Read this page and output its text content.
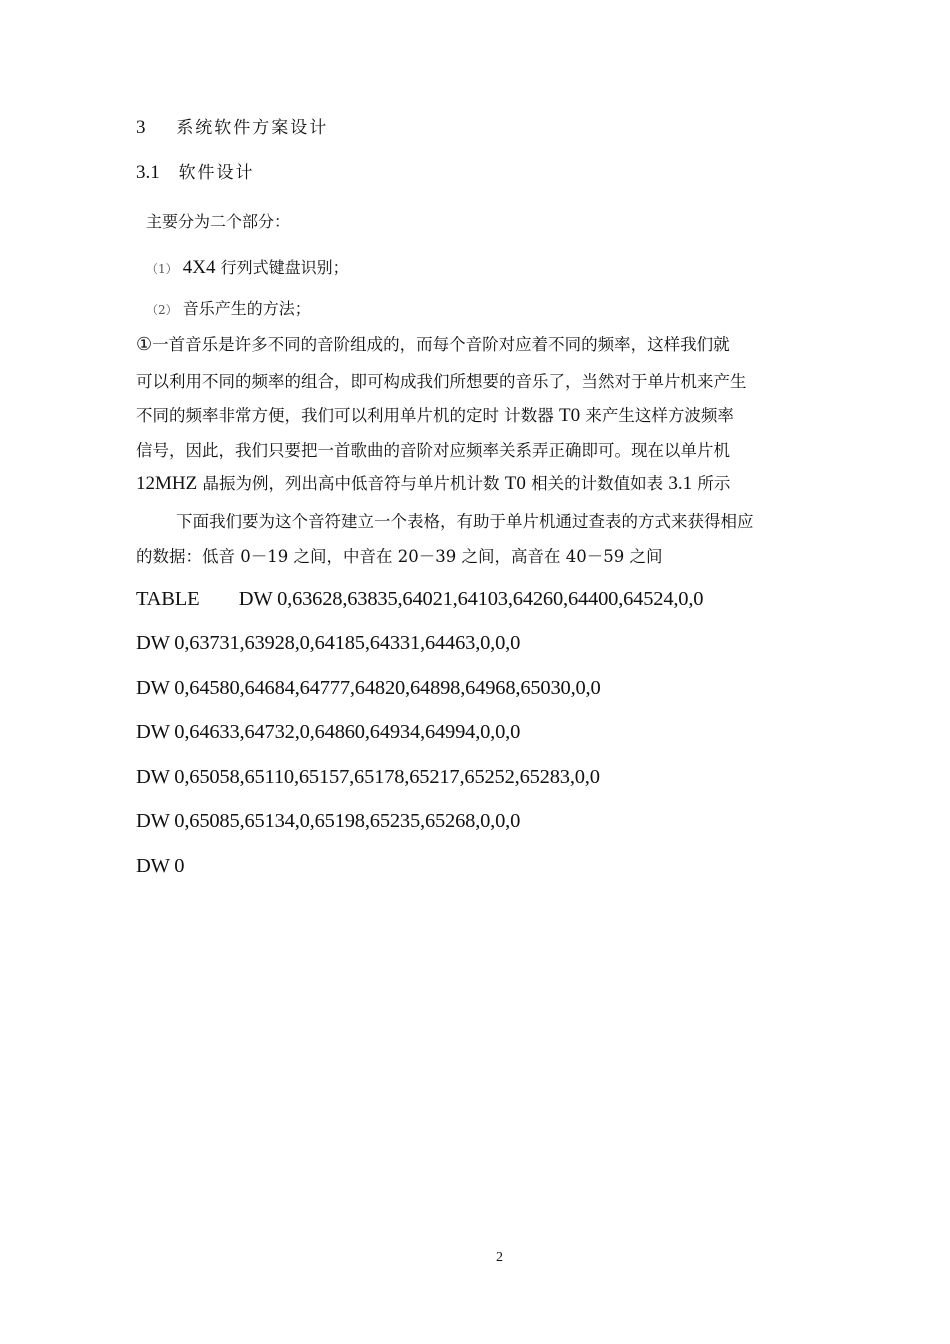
3 系统软件方案设计
3.1 软件设计
主要分为二个部分：
（1） 4X4 行列式键盘识别；
（2） 音乐产生的方法；
①一首音乐是许多不同的音阶组成的，而每个音阶对应着不同的频率，这样我们就
可以利用不同的频率的组合，即可构成我们所想要的音乐了，当然对于单片机来产生
不同的频率非常方便，我们可以利用单片机的定时 计数器 T0 来产生这样方波频率
信号，因此，我们只要把一首歌曲的音阶对应频率关系弄正确即可。现在以单片机
12MHZ 晶振为例，列出高中低音符与单片机计数 T0 相关的计数值如表 3.1 所示
下面我们要为这个音符建立一个表格，有助于单片机通过查表的方式来获得相应
的数据：低音 0－19 之间，中音在 20－39 之间，高音在 40－59 之间
TABLE        DW 0,63628,63835,64021,64103,64260,64400,64524,0,0
DW 0,63731,63928,0,64185,64331,64463,0,0,0
DW 0,64580,64684,64777,64820,64898,64968,65030,0,0
DW 0,64633,64732,0,64860,64934,64994,0,0,0
DW 0,65058,65110,65157,65178,65217,65252,65283,0,0
DW 0,65085,65134,0,65198,65235,65268,0,0,0
DW 0
2
